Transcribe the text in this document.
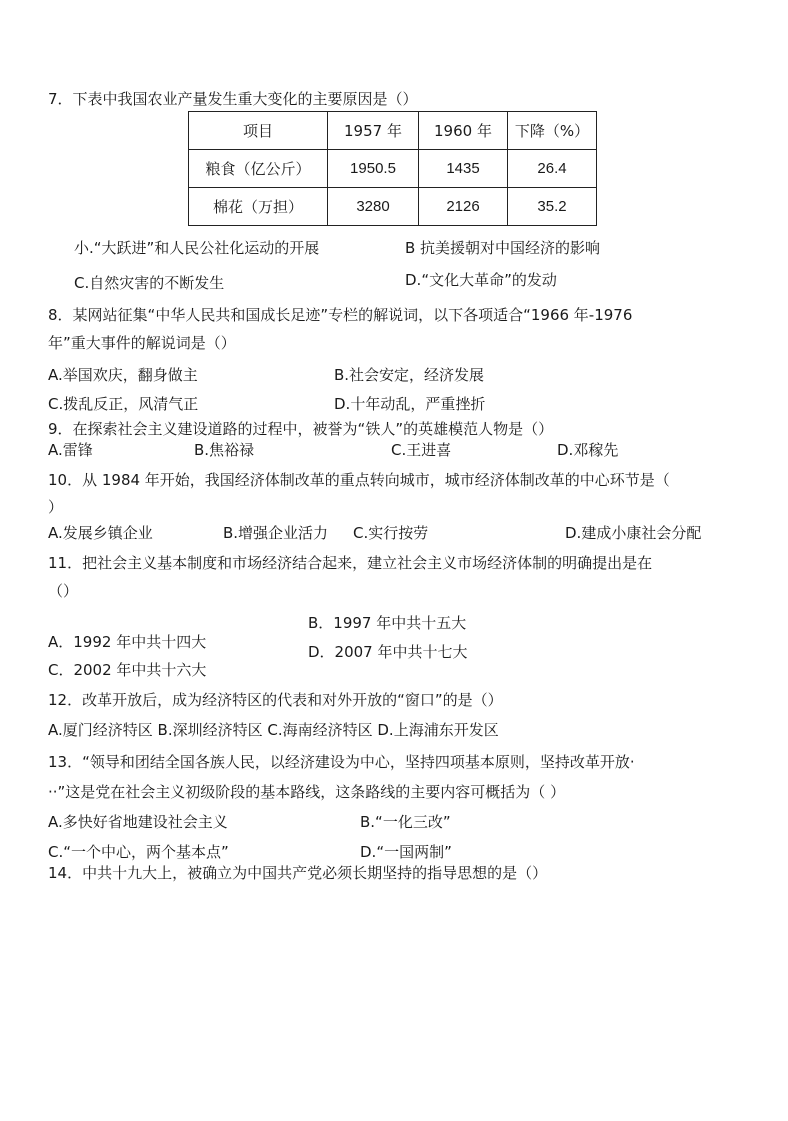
7．下表中我国农业产量发生重大变化的主要原因是（）
项目	1957 年	1960 年	下降（%）
粮食（亿公斤）	1950.5	1435	26.4
棉花（万担）	3280	2126	35.2
小.“大跃进”和人民公社化运动的开展	B 抗美援朝对中国经济的影响
C.自然灾害的不断发生	D.“文化大革命”的发动
8．某网站征集“中华人民共和国成长足迹”专栏的解说词，以下各项适合“1966 年-1976
年”重大事件的解说词是（）
A.举国欢庆，翻身做主	B.社会安定，经济发展
C.拨乱反正，风清气正	D.十年动乱，严重挫折
9．在探索社会主义建设道路的过程中，被誉为“铁人”的英雄模范人物是（）
A.雷锋	B.焦裕禄	C.王进喜	D.邓稼先
10．从 1984 年开始，我国经济体制改革的重点转向城市，城市经济体制改革的中心环节是（
）
A.发展乡镇企业	B.增强企业活力 C.实行按劳	D.建成小康社会分配
11．把社会主义基本制度和市场经济结合起来，建立社会主义市场经济体制的明确提出是在
（）
A．1992 年中共十四大
B．1997 年中共十五大
C．2002 年中共十六大
D．2007 年中共十七大
12．改革开放后，成为经济特区的代表和对外开放的“窗口”的是（）
A.厦门经济特区 B.深圳经济特区 C.海南经济特区 D.上海浦东开发区
13．“领导和团结全国各族人民，以经济建设为中心，坚持四项基本原则，坚持改革开放·
··”这是党在社会主义初级阶段的基本路线，这条路线的主要内容可概括为（ ）
A.多快好省地建设社会主义	B.“一化三改”
C.“一个中心，两个基本点”	D.“一国两制”
14．中共十九大上，被确立为中国共产党必须长期坚持的指导思想的是（）
